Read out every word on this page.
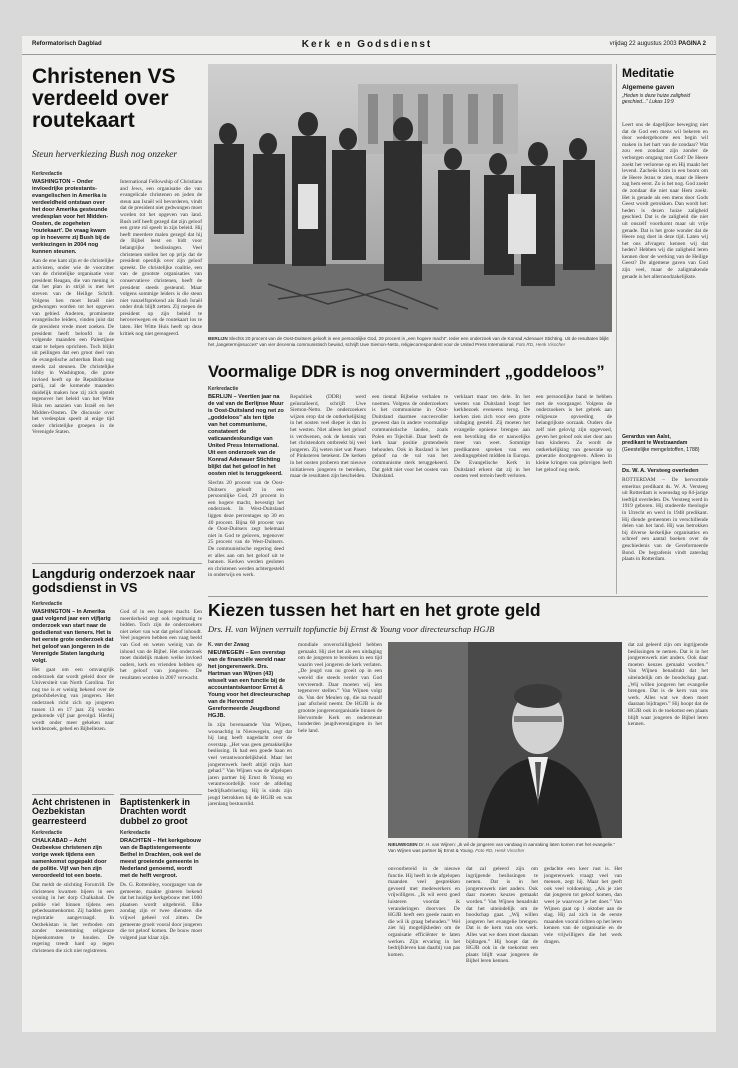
Reformatorisch Dagblad	Kerk en Godsdienst	vrijdag 22 augustus 2003 PAGINA 2
Christenen VS verdeeld over routekaart
Steun herverkiezing Bush nog onzeker
Kerkredactie

WASHINGTON – Onder invloedrijke protestants-evangelischen in Amerika is verdeeldheid ontstaan over het door Amerika gesteunde vredesplan voor het Midden-Oosten, de zogeheten 'routekaart'. De vraag kwam op in hoeverre zij Bush bij de verkiezingen in 2004 nog kunnen steunen.

Aan de ene kant zijn er de christelijke activisten, onder wie de voorzitter van de christelijke organisatie voor president Reagan, die van mening is dat het plan in strijd is met het streven van de Heilige Schrift. Volgens hen moet Israël niet gedwongen worden tot het opgeven van gebied. Anderen, prominente evangelische leiders, vinden juist dat de president vrede moet zoeken. De president heeft beloofd in de volgende maanden een Palestijnse staat te helpen oprichten. Toch blijkt uit peilingen dat een groot deel van de evangelische achterban Bush nog steeds zal steunen. De christelijke lobby in Washington, die grote invloed heeft op de Republikeinse partij, zal de komende maanden duidelijk maken hoe zij zich opstelt tegenover het beleid van het Witte Huis ten aanzien van Israël en het Midden-Oosten. De discussie over het vredesplan speelt al enige tijd onder christelijke groepen in de Verenigde Staten.

International Fellowship of Christians and Jews, een organisatie die van evangelicale christenen en joden de steun aan Israël wil bevorderen, vindt dat de president niet gedwongen moet worden tot het opgeven van land. Bush zelf heeft gezegd dat zijn geloof een grote rol speelt in zijn beleid. Hij heeft meerdere malen gezegd dat hij de Bijbel leest en bidt voor belangrijke beslissingen. Veel christenen stellen het op prijs dat de president openlijk over zijn geloof spreekt. De christelijke coalitie, een van de grootste organisaties van conservatieve christenen, heeft de president steeds gesteund. Maar volgens sommige leiders is die steun niet vanzelfsprekend als Bush Israël onder druk blijft zetten. Zij roepen de president op zijn beleid te heroverwegen en de routekaart los te laten. Het Witte Huis heeft op deze kritiek nog niet gereageerd.

BERLIJN Slechts 20 procent van de Oost-Duitsers gelooft in een persoonlijke God, 29 procent in „een hogere macht”. Ieder een onderzoek van de Konrad Adenauer Stichting. Uit de resultaten blijkt het „langetermijnsucces” van vier decennia communistisch bewind, schrijft Uwe Siemon-Netto, religiecorrespondent voor de United Press International. Foto RD, Henk Visscher
Meditatie
Algemene gaven
„Heden is deze huize zaligheid geschied...” Lukas 19:9

Leert ons de dagelijkse beweging niet dat de God een mens wil bekeren en door wedergeboorte een begin wil maken in het hart van de zondaar? Wat zou een zondaar zijn zonder de verborgen omgang met God? De Heere zoekt het verlorene op en Hij maakt het levend. Zacheüs klom in een boom om de Heere Jezus te zien, maar de Heere zag hem eerst. Zo is het nog. God zoekt de zondaar die niet naar Hem zoekt. Het is genade als een mens door Gods Geest wordt getrokken. Dan wordt het: heden is dezen huize zaligheid geschied. Dat is de zaligheid die niet uit onszelf voortkomt maar uit vrije genade. Dat is het grote wonder dat de Heere nog doet in deze tijd. Laten wij het ons afvragen: kennen wij dat heden? Hebben wij die zaligheid leren kennen door de werking van de Heilige Geest? De algemene gaven van God zijn veel, maar de zaligmakende genade is het allernoodzakelijkste.

Gerardus van Aalst,
predikant te Westzaandam
(Geestelijke mengelstoffen, 1788)

Ds. W. A. Versteeg overleden

ROTTERDAM – De hervormde emeritus predikant ds. W. A. Versteeg uit Rotterdam is woensdag op 84-jarige leeftijd overleden. Ds. Versteeg werd in 1919 geboren. Hij studeerde theologie in Utrecht en werd in 1948 predikant. Hij diende gemeenten in verschillende delen van het land. Hij was betrokken bij diverse kerkelijke organisaties en schreef een aantal boeken over de geschiedenis van de Gereformeerde Bond. De begrafenis vindt zaterdag plaats in Rotterdam.

Voormalige DDR is nog onvermindert „goddeloos”
Kerkredactie

BERLIJN – Veertien jaar na de val van de Berlijnse Muur is Oost-Duitsland nog net zo „goddeloos” als ten tijde van het communisme, constateert de vaticaandeskundige van United Press International. Uit een onderzoek van de Konrad Adenauer Stichting blijkt dat het geloof in het oosten niet is teruggekeerd.

Slechts 20 procent van de Oost-Duitsers gelooft in een persoonlijke God, 29 procent in een hogere macht, bevestigt het onderzoek. In West-Duitsland liggen deze percentages op 30 en 40 procent. Bijna 60 procent van de Oost-Duitsers zegt helemaal niet in God te geloven, tegenover 25 procent van de West-Duitsers. De communistische regering deed er alles aan om het geloof uit te bannen. Kerken werden gesloten en christenen werden achtergesteld in onderwijs en werk.

Republiek (DDR) werd geïnstalleerd, schrijft Uwe Siemon-Netto. De onderzoekers wijzen erop dat de ontkerkelijking in het oosten veel dieper is dan in het westen. Niet alleen het geloof is verdwenen, ook de kennis van het christendom ontbreekt bij veel jongeren. Zij weten niet wat Pasen of Pinksteren betekent. De kerken in het oosten proberen met nieuwe initiatieven jongeren te bereiken, maar de resultaten zijn bescheiden.

een tiental Bijbelse verhalen te noemen. Volgens de onderzoekers is het communisme in Oost-Duitsland daarmee succesvoller geweest dan in andere voormalige communistische landen, zoals Polen en Tsjechië. Daar heeft de kerk haar positie grotendeels behouden. Ook in Rusland is het geloof na de val van het communisme sterk teruggekeerd. Dat geldt niet voor het oosten van Duitsland.

verklaart maar ten dele. In het westen van Duitsland loopt het kerkbezoek eveneens terug. De kerken zien zich voor een grote uitdaging gesteld. Zij moeten het evangelie opnieuw brengen aan een bevolking die er nauwelijks meer van weet. Sommige predikanten spreken van een zendingsgebied midden in Europa. De Evangelische Kerk in Duitsland erkent dat zij in het oosten veel terrein heeft verloren.

een persoonlijke band te hebben met de voorganger. Volgens de onderzoekers is het gebrek aan religieuze opvoeding de belangrijkste oorzaak. Ouders die zelf niet gelovig zijn opgevoed, geven het geloof ook niet door aan hun kinderen. Zo wordt de ontkerkelijking van generatie op generatie doorgegeven. Alleen in kleine kringen van gelovigen leeft het geloof nog sterk.

Langdurig onderzoek naar godsdienst in VS
Kerkredactie

WASHINGTON – In Amerika gaat volgend jaar een vijfjarig onderzoek van start naar de godsdienst van tieners. Het is het eerste grote onderzoek dat het geloof van jongeren in de Verenigde Staten langdurig volgt.

Het gaat om een omvangrijk onderzoek dat wordt geleid door de Universiteit van North Carolina. Tot nog toe is er weinig bekend over de geloofsbeleving van jongeren. Het onderzoek richt zich op jongeren tussen 13 en 17 jaar. Zij worden gedurende vijf jaar gevolgd. Hierbij wordt onder meer gekeken naar kerkbezoek, gebed en Bijbellezen.

God of in een hogere macht. Een meerderheid zegt ook regelmatig te bidden. Toch zijn de onderzoekers niet zeker van wat dat geloof inhoudt. Veel jongeren hebben een vaag beeld van God en weten weinig van de inhoud van de Bijbel. Het onderzoek moet duidelijk maken welke invloed ouders, kerk en vrienden hebben op het geloof van jongeren. De resultaten worden in 2007 verwacht.

Kiezen tussen het hart en het grote geld
Drs. H. van Wijnen verruilt topfunctie bij Ernst & Young voor directeurschap HGJB
Acht christenen in Oezbekistan gearresteerd
Kerkredactie

CHALKABAD – Acht Oezbeekse christenen zijn vorige week tijdens een samenkomst opgepakt door de politie. Vijf van hen zijn veroordeeld tot een boete.

Dat meldt de stichting Forum18. De christenen kwamen bijeen in een woning in het dorp Chalkabad. De politie viel binnen tijdens een gebedssamenkomst. Zij hadden geen registratie aangevraagd. In Oezbekistan is het verboden om zonder toestemming religieuze bijeenkomsten te houden. De regering treedt hard op tegen christenen die zich niet registreren.

Baptistenkerk in Drachten wordt dubbel zo groot
Kerkredactie

DRACHTEN – Het kerkgebouw van de Baptistengemeente Bethel in Drachten, ook wel de meest groeiende gemeente in Nederland genoemd, wordt met de helft vergroot.

Ds. G. Rottenbley, voorganger van de gemeente, maakte gisteren bekend dat het huidige kerkgebouw met 1000 plaatsen wordt uitgebreid. Elke zondag zijn er twee diensten die vrijwel geheel vol zitten. De gemeente groeit vooral door jongeren die tot geloof komen. De bouw moet volgend jaar klaar zijn.

K. van der Zwaag

NIEUWEGEIN – Een overstap van de financiële wereld naar het jongerenwerk. Drs. Hartman van Wijnen (43) wisselt van een functie bij de accountantskantoor Ernst & Young voor het directeurschap van de Hervormd Gereformeerde Jeugdbond HGJB.

In zijn bovenaamde Van Wijnen, woonachtig in Nieuwegein, zegt dat hij lang heeft nagedacht over de overstap. „Het was geen gemakkelijke beslissing. Ik had een goede baan en veel verantwoordelijkheid. Maar het jongerenwerk heeft altijd mijn hart gehad.” Van Wijnen was de afgelopen jaren partner bij Ernst & Young en verantwoordelijk voor de afdeling bedrijfsadvisering. Hij is sinds zijn jeugd betrokken bij de HGJB en was jarenlang bestuurslid.

mondiale onverschilligheid hebben gemaakt. Hij ziet het als een uitdaging om de jongeren te bereiken in een tijd waarin veel jongeren de kerk verlaten. „De jeugd van nu groeit op in een wereld die steeds verder van God vervreemdt. Daar moeten wij iets tegenover stellen.” Van Wijnen volgt ds. Van der Meulen op, die na twaalf jaar afscheid neemt. De HGJB is de grootste jongerenorganisatie binnen de Hervormde Kerk en ondersteunt honderden jeugdverenigingen in het hele land.

NIEUWEGEIN Dr. H. van Wijnen: „Ik wil de jongeren van vandaag in aanraking laten komen met het evangelie.” Van Wijnen was partner bij Ernst & Young. Foto RD, Henk Visscher

onvoorbereid in de nieuwe functie. Hij heeft in de afgelopen maanden veel gesprekken gevoerd met medewerkers en vrijwilligers. „Ik wil eerst goed luisteren voordat ik veranderingen doorvoer. De HGJB heeft een goede naam en die wil ik graag behouden.” Wel ziet hij mogelijkheden om de organisatie efficiënter te laten werken. Zijn ervaring in het bedrijfsleven kan daarbij van pas komen.

dat zal geleerd zijn om ingrijpende beslissingen te nemen. Dat is in het jongerenwerk niet anders. Ook daar moeten keuzes gemaakt worden.” Van Wijnen benadrukt dat het uiteindelijk om de boodschap gaat. „Wij willen jongeren het evangelie brengen. Dat is de kern van ons werk. Alles wat we doen moet daaraan bijdragen.” Hij hoopt dat de HGJB ook in de toekomst een plaats blijft waar jongeren de Bijbel leren kennen.

gedachte een keer rust is. Het jongerenwerk vraagt veel van mensen, zegt hij. Maar het geeft ook veel voldoening. „Als je ziet dat jongeren tot geloof komen, dan weet je waarvoor je het doet.” Van Wijnen gaat op 1 oktober aan de slag. Hij zal zich in de eerste maanden vooral richten op het leren kennen van de organisatie en de vele vrijwilligers die het werk dragen.

dat zal geleerd zijn om ingrijpende beslissingen te nemen. Dat is in het jongerenwerk niet anders. Ook daar moeten keuzes gemaakt worden.” Van Wijnen benadrukt dat het uiteindelijk om de boodschap gaat. „Wij willen jongeren het evangelie brengen. Dat is de kern van ons werk. Alles wat we doen moet daaraan bijdragen.” Hij hoopt dat de HGJB ook in de toekomst een plaats blijft waar jongeren de Bijbel leren kennen.
